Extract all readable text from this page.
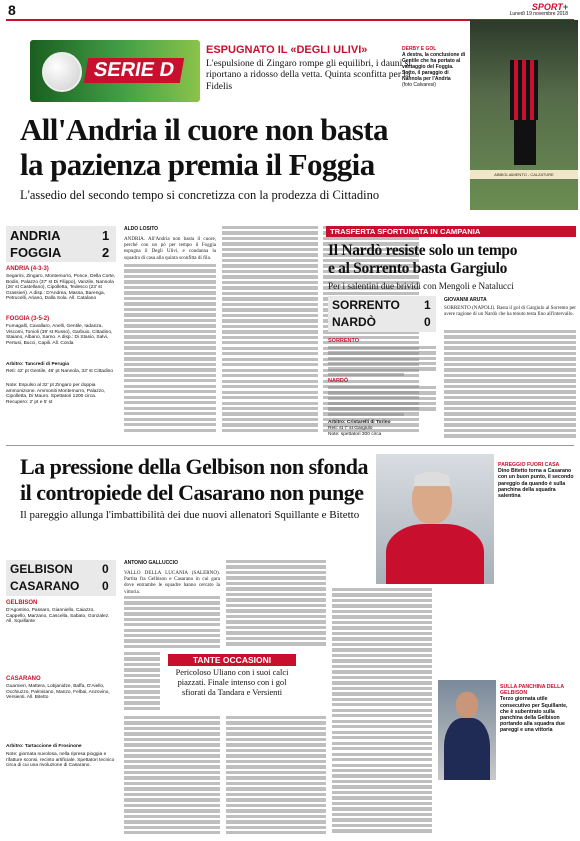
8	SPORT+
Lunedì 19 novembre 2018
SERIE D
ESPUGNATO IL «DEGLI ULIVI»
L'espulsione di Zingaro rompe gli equilibri, i dauni si riportano a ridosso della vetta. Quinta sconfitta per la Fidelis
ABBIGLIAMENTO - CALZATURE
DERBY E GOL
A destra, la conclusione di Gentile che ha portato al vantaggio del Foggia. Sotto, il paraggio di Nannola per l'Andria
(foto Calvaresi)
All'Andria il cuore non basta
la pazienza premia il Foggia
L'assedio del secondo tempo si concretizza con la prodezza di Cittadino
ANDRIA	1
FOGGIA	2
ANDRIA (4-3-3)
Segarini, Zingaro, Montemurro, Ponce, Della Corte, Bodin, Palazzo (37' st Di Filippo), Vanzile, Nannola (26' st Castellano), Cipolletta, Tedesco (23' st Grassieri). A disp.: D'Andrea, Massa, Barenga, Petrucelli, Ariano, Dalla Sola. All. Catalano
FOGGIA (3-5-2)
Fumagalli, Cavallaro, Anelli, Gentile, Iadanza, Viscomi, Tonioli (39' st Russo), Garbuio, Cittadino, Staiano, Albano, Sarno. A disp.: Di Stasio, Salvi, Pertusi, Bucci, Capili. All. Corda
Arbitro: Tancredi di Perugia
Reti: 42' pt Gentile, 46' pt Nannola, 33' st Cittadino
Note: Espulso al 32' pt Zingaro per doppia ammonizione. Ammoniti Montemurro, Palazzo, Cipolletta, Di Mauro. Spettatori 1200 circa. Recupero: 2' pt e 5' st
ALDO LOSITO
ANDRIA. All'Andria non basta il cuore, perché con un pò per tempo il Foggia espugna il Degli Ulivi, e condanna la squadra di casa alla quinta sconfitta di fila.
TRASFERTA SFORTUNATA IN CAMPANIA
Il Nardò resiste solo un tempo
e al Sorrento basta Gargiulo
Per i salentini due brividi con Mengoli e Natalucci
SORRENTO 1
NARDÒ	0
SORRENTO
NARDÒ
Arbitro: Cristarelli di Torino
Reti: st 7' st Gargiulo
Note: spettatori 300 circa
GIOVANNI ARUTA
SORRENTO (NAPOLI). Basta il gol di Gargiulo al Sorrento per avere ragione di un Nardò che ha tenuto testa fino all'intervallo.
La pressione della Gelbison non sfonda
il contropiede del Casarano non punge
Il pareggio allunga l'imbattibilità dei due nuovi allenatori Squillante e Bitetto
PAREGGIO FUORI CASA
Dino Bitetto torna a Casarano con un buon punto, il secondo pareggio da quando è sulla panchina della squadra salentina
GELBISON 0
CASARANO 0
GELBISON
D'Agostino, Passaro, Gianniello, Caiazzo, Cappello, Marzano, Cascella, Sabato, Gonzalez. All. Squillante
CASARANO
Guarnieri, Mattera, Lobjanidze, Baffa, D'Aiello, Occhiuzzo, Palmisano, Manzo, Felbai, Anzovino, Versienti. All. Bitetto
Arbitro: Tartaccione di Frosinone
Note: giornata nuvolosa, nella ripresa pioggia e rifatture sconsi, recinto artificiale. Spettatori tecnico circa di cui una rivoluzione di Casarano.
ANTONIO GALLUCCIO
VALLO DELLA LUCANIA (SALERNO). Partita fra Gelbison e Casarano in cui gara dove entrambe le squadre hanno cercato la vittoria.
TANTE OCCASIONI
Pericoloso Uliano con i suoi calci piazzati. Finale intenso con i gol sfiorati da Tandara e Versienti
SULLA PANCHINA DELLA GELBISON
Terzo giornata utile consecutivo per Squillante, che è subentrato sulla panchina della Gelbison portando alla squadra due pareggi e una vittoria
